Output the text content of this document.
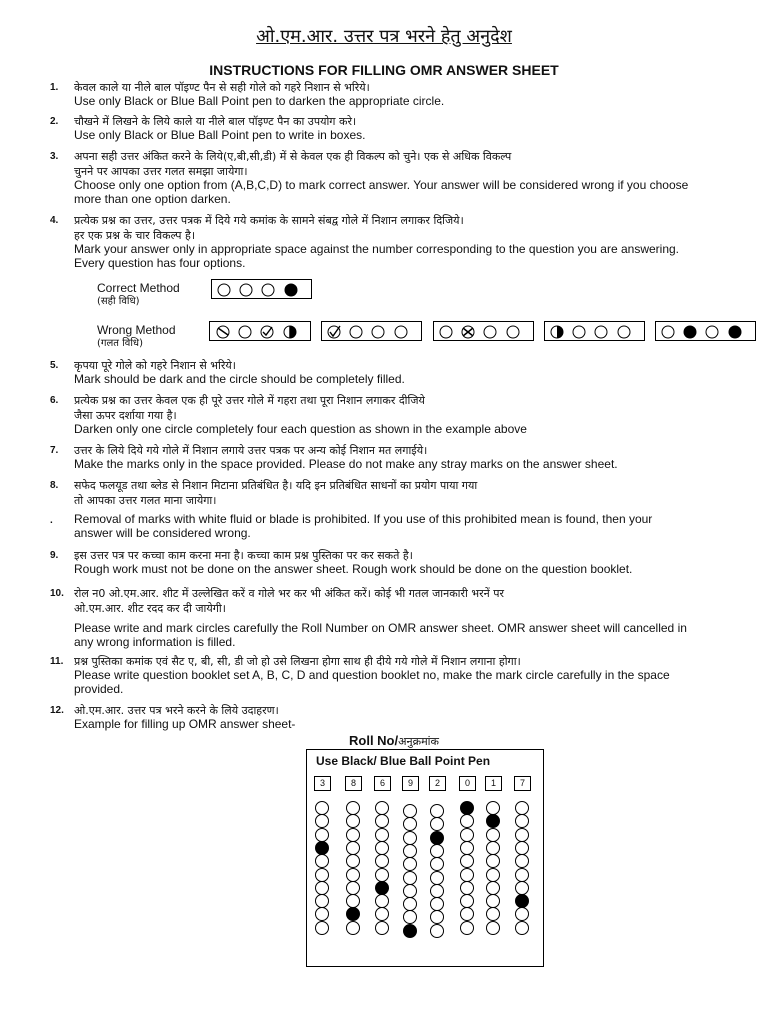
ओ.एम.आर. उत्तर पत्र भरने हेतु अनुदेश
INSTRUCTIONS FOR FILLING OMR ANSWER SHEET
1.	केवल काले या नीले बाल पॉइण्ट पैन से सही गोले को गहरे निशान से भरिये।
Use only Black or Blue Ball Point pen to darken the appropriate circle.
2.	चौखने में लिखने के लिये काले या नीले बाल पॉइण्ट पैन का उपयोग करे।
Use only Black or Blue Ball Point pen to write in boxes.
3.	अपना सही उत्तर अंकित करने के लिये(ए,बी,सी,डी) में से केवल एक ही विकल्प को चुने। एक से अधिक विकल्प
चुनने पर आपका उत्तर गलत समझा जायेगा।
Choose only one option from (A,B,C,D) to mark correct answer. Your answer will be considered wrong if you choose
more than one option darken.
4.	प्रत्येक प्रश्न का उत्तर, उत्तर पत्रक में दिये गये कमांक के सामने संबद्व गोले में निशान लगाकर दिजिये।
हर एक प्रश्न के चार विकल्प है।
Mark your answer only in appropriate space against the number corresponding to the question you are answering.
Every question has four options.
5.	कृपया पूरे गोले को गहरे निशान से भरिये।
Mark should be dark and the circle should be completely filled.
6.	प्रत्येक प्रश्न का उत्तर केवल एक ही पूरे उत्तर गोले में गहरा तथा पूरा निशान लगाकर दीजिये
जैसा ऊपर दर्शाया गया है।
Darken only one circle completely four each question as shown in the example above
7.	उत्तर के लिये दिये गये गोले में निशान लगाये उत्तर पत्रक पर अन्य कोई निशान मत लगाईये।
Make the marks only in the space provided. Please do not make any stray marks on the answer sheet.
8.	सफेद फलयूड तथा ब्लेड से निशान मिटाना प्रतिबंधित है। यदि इन प्रतिबंधित साधनों का प्रयोग पाया गया
तो आपका उत्तर गलत माना जायेगा।
.	Removal of marks with white fluid or blade is prohibited. If you use of this prohibited mean is found, then your
answer will be considered wrong.
9.	इस उत्तर पत्र पर कच्चा काम करना मना है। कच्चा काम प्रश्न पुस्तिका पर कर सकते है।
Rough work must not be done on the answer sheet. Rough work should be done on the question booklet.
10. रोल न0 ओ.एम.आर. शीट में उल्लेखित करें व गोले भर कर भी अंकित करें। कोई भी गतल जानकारी भरनें पर
ओ.एम.आर. शीट रदद कर दी जायेगी।
Please write and mark circles carefully the Roll Number on OMR answer sheet. OMR answer sheet will cancelled in
any wrong information is filled.
11. प्रश्न पुस्तिका कमांक एवं सैट ए, बी, सी, डी जो हो उसे लिखना होगा साथ ही दीये गये गोले में निशान लगाना होगा।
Please write question booklet set A, B, C, D and question booklet no, make the mark circle carefully in the space
provided.
12. ओ.एम.आर. उत्तर पत्र भरने करने के लिये उदाहरण।
Example for filling up OMR answer sheet-
Correct Method
(सही विधि)
Wrong Method
(गलत विधि)
Roll No/अनुक्रमांक
Use Black/ Blue Ball Point Pen
3	8	6	9	2	0	1	7
